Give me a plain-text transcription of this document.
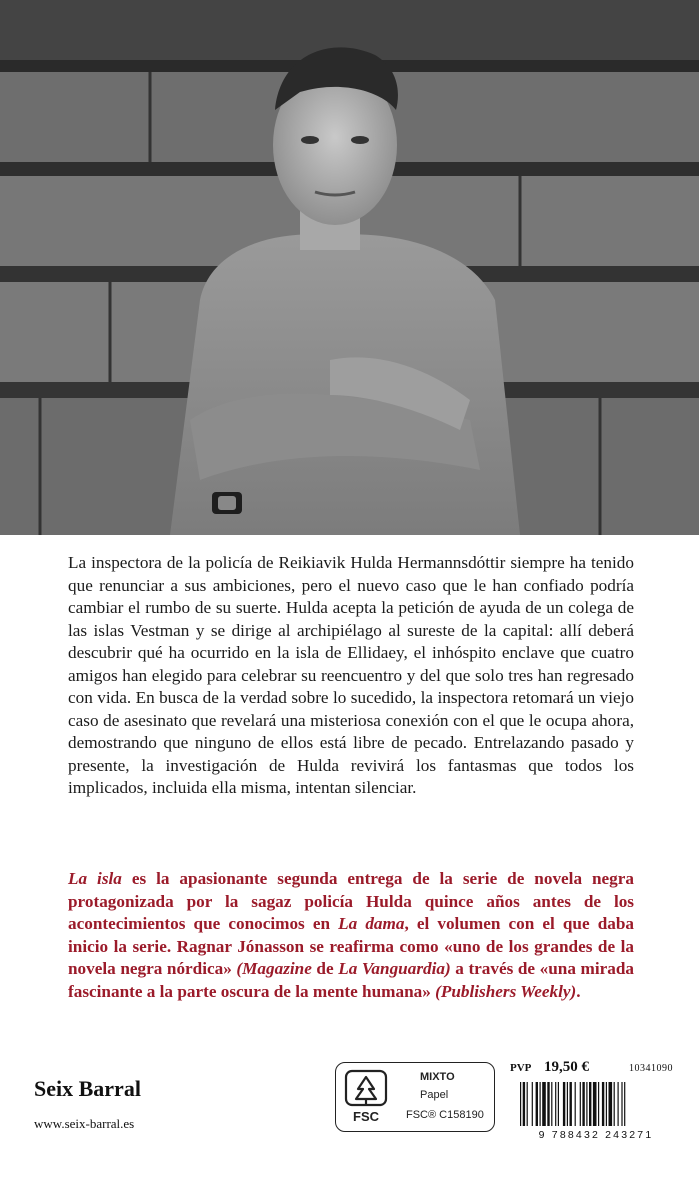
La inspectora de la policía de Reikiavik Hulda Hermannsdóttir siempre ha tenido que renunciar a sus ambiciones, pero el nuevo caso que le han confiado podría cambiar el rumbo de su suerte. Hulda acepta la petición de ayuda de un colega de las islas Vestman y se dirige al archipiélago al sureste de la capital: allí deberá descubrir qué ha ocurrido en la isla de Ellidaey, el inhóspito enclave que cuatro amigos han elegido para celebrar su reencuentro y del que solo tres han regresado con vida. En busca de la verdad sobre lo sucedido, la inspectora retomará un viejo caso de asesinato que revelará una misteriosa conexión con el que le ocupa ahora, demostrando que ninguno de ellos está libre de pecado. Entrelazando pasado y presente, la investigación de Hulda revivirá los fantasmas que todos los implicados, incluida ella misma, intentan silenciar.

La isla es la apasionante segunda entrega de la serie de novela negra protagonizada por la sagaz policía Hulda quince años antes de los acontecimientos que conocimos en La dama, el volumen con el que daba inicio la serie. Ragnar Jónasson se reafirma como «uno de los grandes de la novela negra nórdica» (Magazine de La Vanguardia) a través de «una mirada fascinante a la parte oscura de la mente humana» (Publishers Weekly).

Seix Barral
www.seix-barral.es	FSC
MIXTO
Papel
FSC® C158190
PVP 19,50 €	10341090
9 788432 243271
